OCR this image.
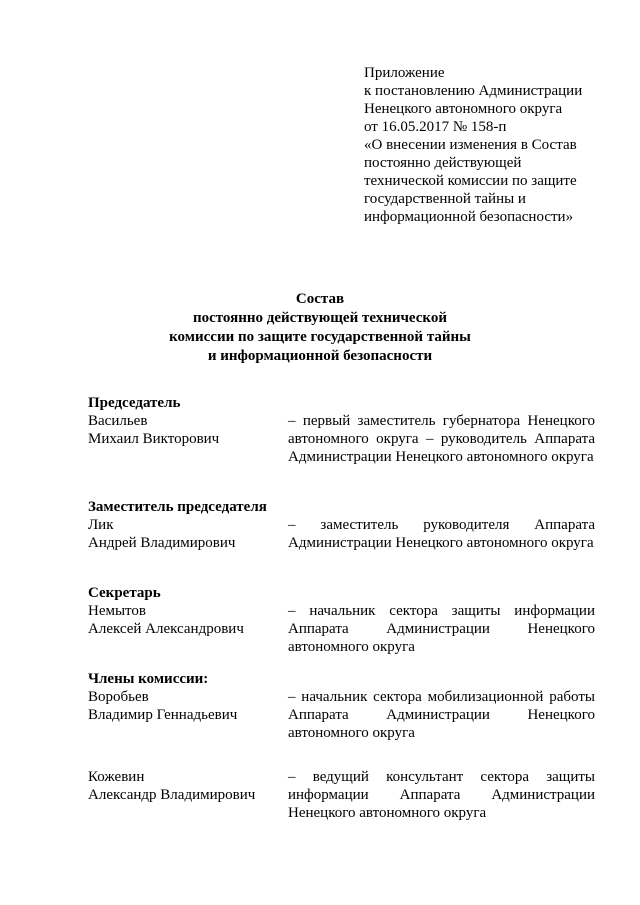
Приложение
к постановлению Администрации
Ненецкого автономного округа
от 16.05.2017 № 158-п
«О внесении изменения в Состав
постоянно действующей
технической комиссии по защите
государственной тайны и
информационной безопасности»
Состав
постоянно действующей технической
комиссии по защите государственной тайны
и информационной безопасности
Председатель
Васильев
Михаил Викторович
– первый заместитель губернатора Ненецкого автономного округа – руководитель Аппарата Администрации Ненецкого автономного округа
Заместитель председателя
Лик
Андрей Владимирович
– заместитель руководителя Аппарата Администрации Ненецкого автономного округа
Секретарь
Немытов
Алексей Александрович
– начальник сектора защиты информации Аппарата Администрации Ненецкого автономного округа
Члены комиссии:
Воробьев
Владимир Геннадьевич
– начальник сектора мобилизационной работы Аппарата Администрации Ненецкого автономного округа
Кожевин
Александр Владимирович
– ведущий консультант сектора защиты информации Аппарата Администрации Ненецкого автономного округа
